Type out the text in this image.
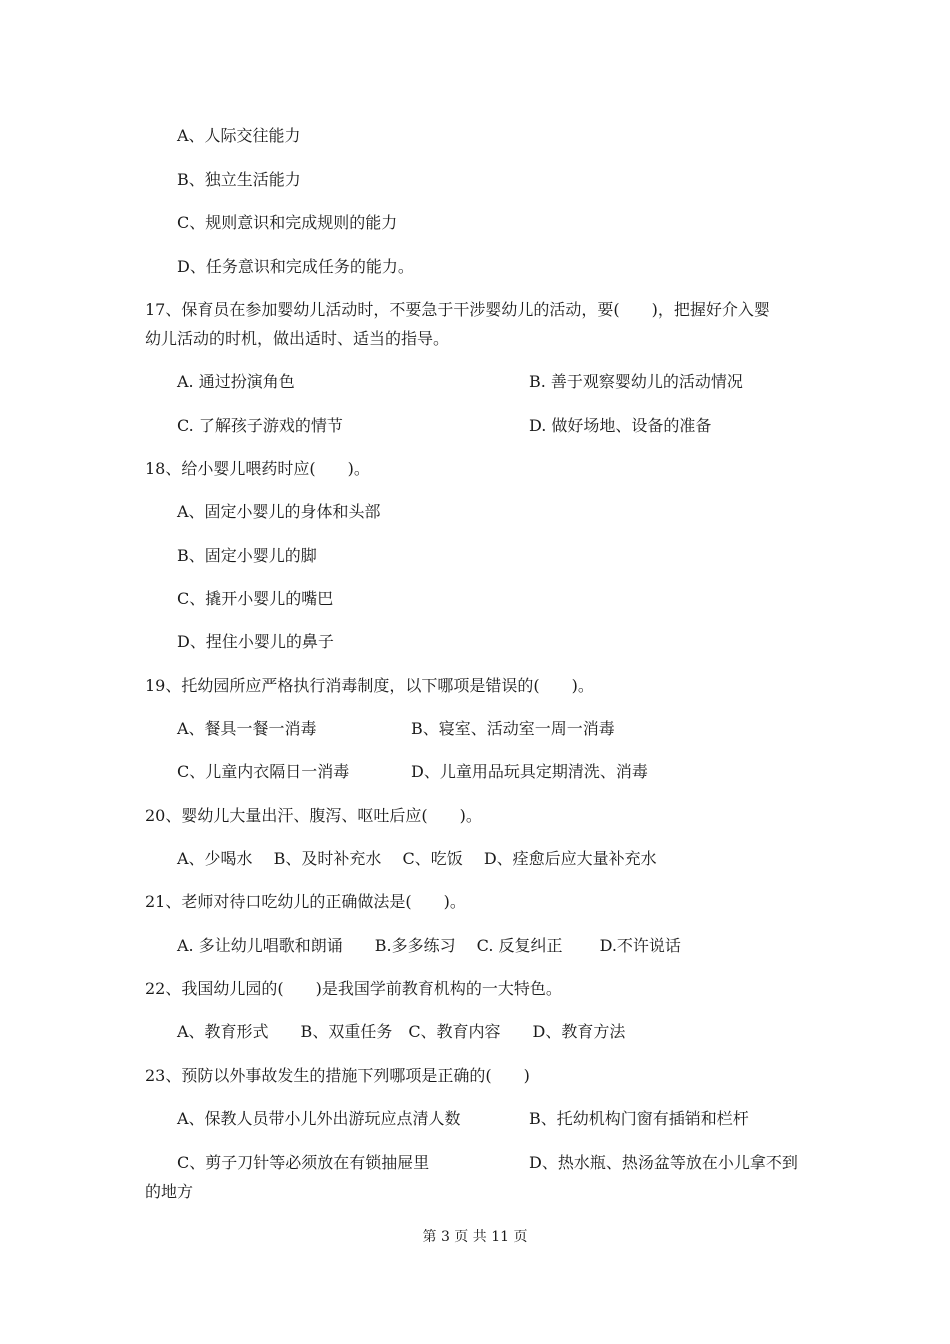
A、人际交往能力
B、独立生活能力
C、规则意识和完成规则的能力
D、任务意识和完成任务的能力。
17、保育员在参加婴幼儿活动时，不要急于干涉婴幼儿的活动，要(　　)，把握好介入婴
幼儿活动的时机，做出适时、适当的指导。
A. 通过扮演角色	B. 善于观察婴幼儿的活动情况
C. 了解孩子游戏的情节	D. 做好场地、设备的准备
18、给小婴儿喂药时应(　　)。
A、固定小婴儿的身体和头部
B、固定小婴儿的脚
C、撬开小婴儿的嘴巴
D、捏住小婴儿的鼻子
19、托幼园所应严格执行消毒制度，以下哪项是错误的(　　)。
A、餐具一餐一消毒	B、寝室、活动室一周一消毒
C、儿童内衣隔日一消毒	D、儿童用品玩具定期清洗、消毒
20、婴幼儿大量出汗、腹泻、呕吐后应(　　)。
A、少喝水　 B、及时补充水　 C、吃饭　 D、痊愈后应大量补充水
21、老师对待口吃幼儿的正确做法是(　　)。
A. 多让幼儿唱歌和朗诵　　B.多多练习　 C. 反复纠正　　 D.不许说话
22、我国幼儿园的(　　)是我国学前教育机构的一大特色。
A、教育形式　　B、双重任务　C、教育内容　　D、教育方法
23、预防以外事故发生的措施下列哪项是正确的(　　)
A、保教人员带小儿外出游玩应点清人数	B、托幼机构门窗有插销和栏杆
C、剪子刀针等必须放在有锁抽屉里	D、热水瓶、热汤盆等放在小儿拿不到
的地方
第 3 页 共 11 页
